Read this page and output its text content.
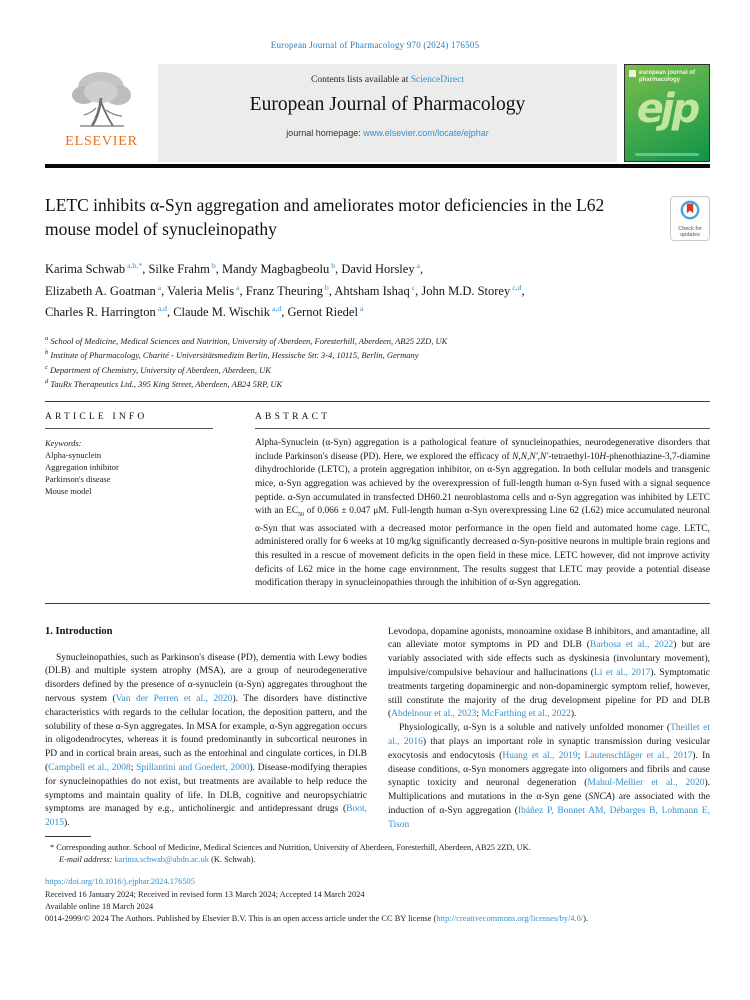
European Journal of Pharmacology 970 (2024) 176505
ELSEVIER
Contents lists available at ScienceDirect
European Journal of Pharmacology
journal homepage: www.elsevier.com/locate/ejphar
european journal of
pharmacology
ejp
LETC inhibits α-Syn aggregation and ameliorates motor deficiencies in the L62 mouse model of synucleinopathy	Check for
updates
Karima Schwab $^{a,b,*}$, Silke Frahm $^b$, Mandy Magbagbeolu $^b$, David Horsley $^a$,
Elizabeth A. Goatman $^a$, Valeria Melis $^a$, Franz Theuring $^b$, Ahtsham Ishaq $^c$, John M.D. Storey $^{c,d}$,
Charles R. Harrington $^{a,d}$, Claude M. Wischik $^{a,d}$, Gernot Riedel $^a$
$^a$ School of Medicine, Medical Sciences and Nutrition, University of Aberdeen, Foresterhill, Aberdeen, AB25 2ZD, UK
$^b$ Institute of Pharmacology, Charité - Universitätsmedizin Berlin, Hessische Str. 3-4, 10115, Berlin, Germany
$^c$ Department of Chemistry, University of Aberdeen, Aberdeen, UK
$^d$ TauRx Therapeutics Ltd., 395 King Street, Aberdeen, AB24 5RP, UK
ARTICLE INFO
Keywords:
Alpha-synuclein
Aggregation inhibitor
Parkinson's disease
Mouse model
ABSTRACT

Alpha-Synuclein (α-Syn) aggregation is a pathological feature of synucleinopathies, neurodegenerative disorders that include Parkinson's disease (PD). Here, we explored the efficacy of N,N,N′,N′-tetraethyl-10H-phenothiazine-3,7-diamine dihydrochloride (LETC), a protein aggregation inhibitor, on α-Syn aggregation. In both cellular models and transgenic mice, α-Syn aggregation was achieved by the overexpression of full-length human α-Syn fused with a signal sequence peptide. α-Syn accumulated in transfected DH60.21 neuroblastoma cells and α-Syn aggregation was inhibited by LETC with an $EC_{50}$ of 0.066 ± 0.047 μM. Full-length human α-Syn overexpressing Line 62 (L62) mice accumulated neuronal α-Syn that was associated with a decreased motor performance in the open field and automated home cage. LETC, administered orally for 6 weeks at 10 mg/kg significantly decreased α-Syn-positive neurons in multiple brain regions and this resulted in a rescue of movement deficits in the open field in these mice. LETC however, did not improve activity deficits of L62 mice in the home cage environment. The results suggest that LETC may provide a potential disease modification therapy in synucleinopathies through the inhibition of α-Syn aggregation.

1. Introduction

Synucleinopathies, such as Parkinson's disease (PD), dementia with Lewy bodies (DLB) and multiple system atrophy (MSA), are a group of neurodegenerative disorders defined by the presence of α-synuclein (α-Syn) aggregates throughout the nervous system (Van der Perren et al., 2020). The disorders have distinctive characteristics with regards to the cellular location, the deposition pattern, and the solubility of these α-Syn aggregates. In MSA for example, α-Syn aggregation occurs in oligodendrocytes, whereas it is found predominantly in subcortical neurones in PD and in cortical brain areas, such as the entorhinal and cingulate cortices, in DLB (Campbell et al., 2008; Spillantini and Goedert, 2000). Disease-modifying therapies for synucleinopathies do not exist, but treatments are available to help reduce the symptoms and maintain quality of life. In DLB, cognitive and neuropsychiatric symptoms are managed by e.g., anticholinergic and antidepressant drugs (Boot, 2015).

Levodopa, dopamine agonists, monoamine oxidase B inhibitors, and amantadine, all can alleviate motor symptoms in PD and DLB (Barbosa et al., 2022) but are variably associated with side effects such as dyskinesia (involuntary movement), impulsive/compulsive behaviour and hallucinations (Li et al., 2017). Symptomatic treatments targeting dopaminergic and non-dopaminergic symptom relief, however, still constitute the majority of the drug development pipeline for PD and DLB (Abdelnour et al., 2023; McFarthing et al., 2022).

Physiologically, α-Syn is a soluble and natively unfolded monomer (Theillet et al., 2016) that plays an important role in synaptic transmission during vesicular exocytosis and endocytosis (Huang et al., 2019; Lautenschläger et al., 2017). In disease conditions, α-Syn monomers aggregate into oligomers and fibrils and cause synaptic toxicity and neuronal degeneration (Mahul-Mellier et al., 2020). Multiplications and mutations in the α-Syn gene (SNCA) are associated with the induction of α-Syn aggregation (Ibáñez P, Bonnet AM, Débarges B, Lohmann E, Tison

* Corresponding author. School of Medicine, Medical Sciences and Nutrition, University of Aberdeen, Foresterhill, Aberdeen, AB25 2ZD, UK.
E-mail address: karima.schwab@abdn.ac.uk (K. Schwab).
https://doi.org/10.1016/j.ejphar.2024.176505
Received 16 January 2024; Received in revised form 13 March 2024; Accepted 14 March 2024
Available online 18 March 2024
0014-2999/© 2024 The Authors. Published by Elsevier B.V. This is an open access article under the CC BY license (http://creativecommons.org/licenses/by/4.0/).
